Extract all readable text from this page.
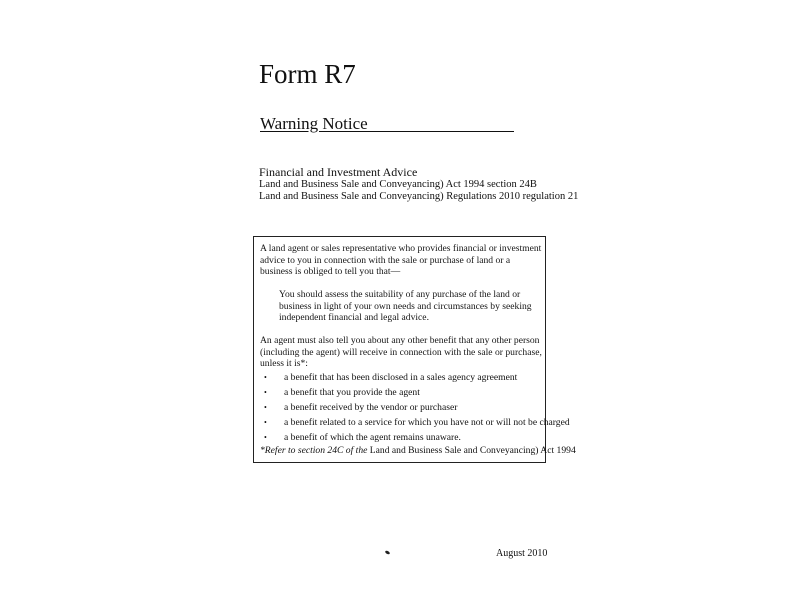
Form R7
Warning Notice
Financial and Investment Advice
Land and Business Sale and Conveyancing) Act 1994 section 24B
Land and Business Sale and Conveyancing) Regulations 2010 regulation 21
A land agent or sales representative who provides financial or investment advice to you in connection with the sale or purchase of land or a business is obliged to tell you that—
You should assess the suitability of any purchase of the land or business in light of your own needs and circumstances by seeking independent financial and legal advice.
An agent must also tell you about any other benefit that any other person (including the agent) will receive in connection with the sale or purchase, unless it is*:
• a benefit that has been disclosed in a sales agency agreement
• a benefit that you provide the agent
• a benefit received by the vendor or purchaser
• a benefit related to a service for which you have not or will not be charged
• a benefit of which the agent remains unaware.
*Refer to section 24C of the Land and Business Sale and Conveyancing) Act 1994
August 2010
